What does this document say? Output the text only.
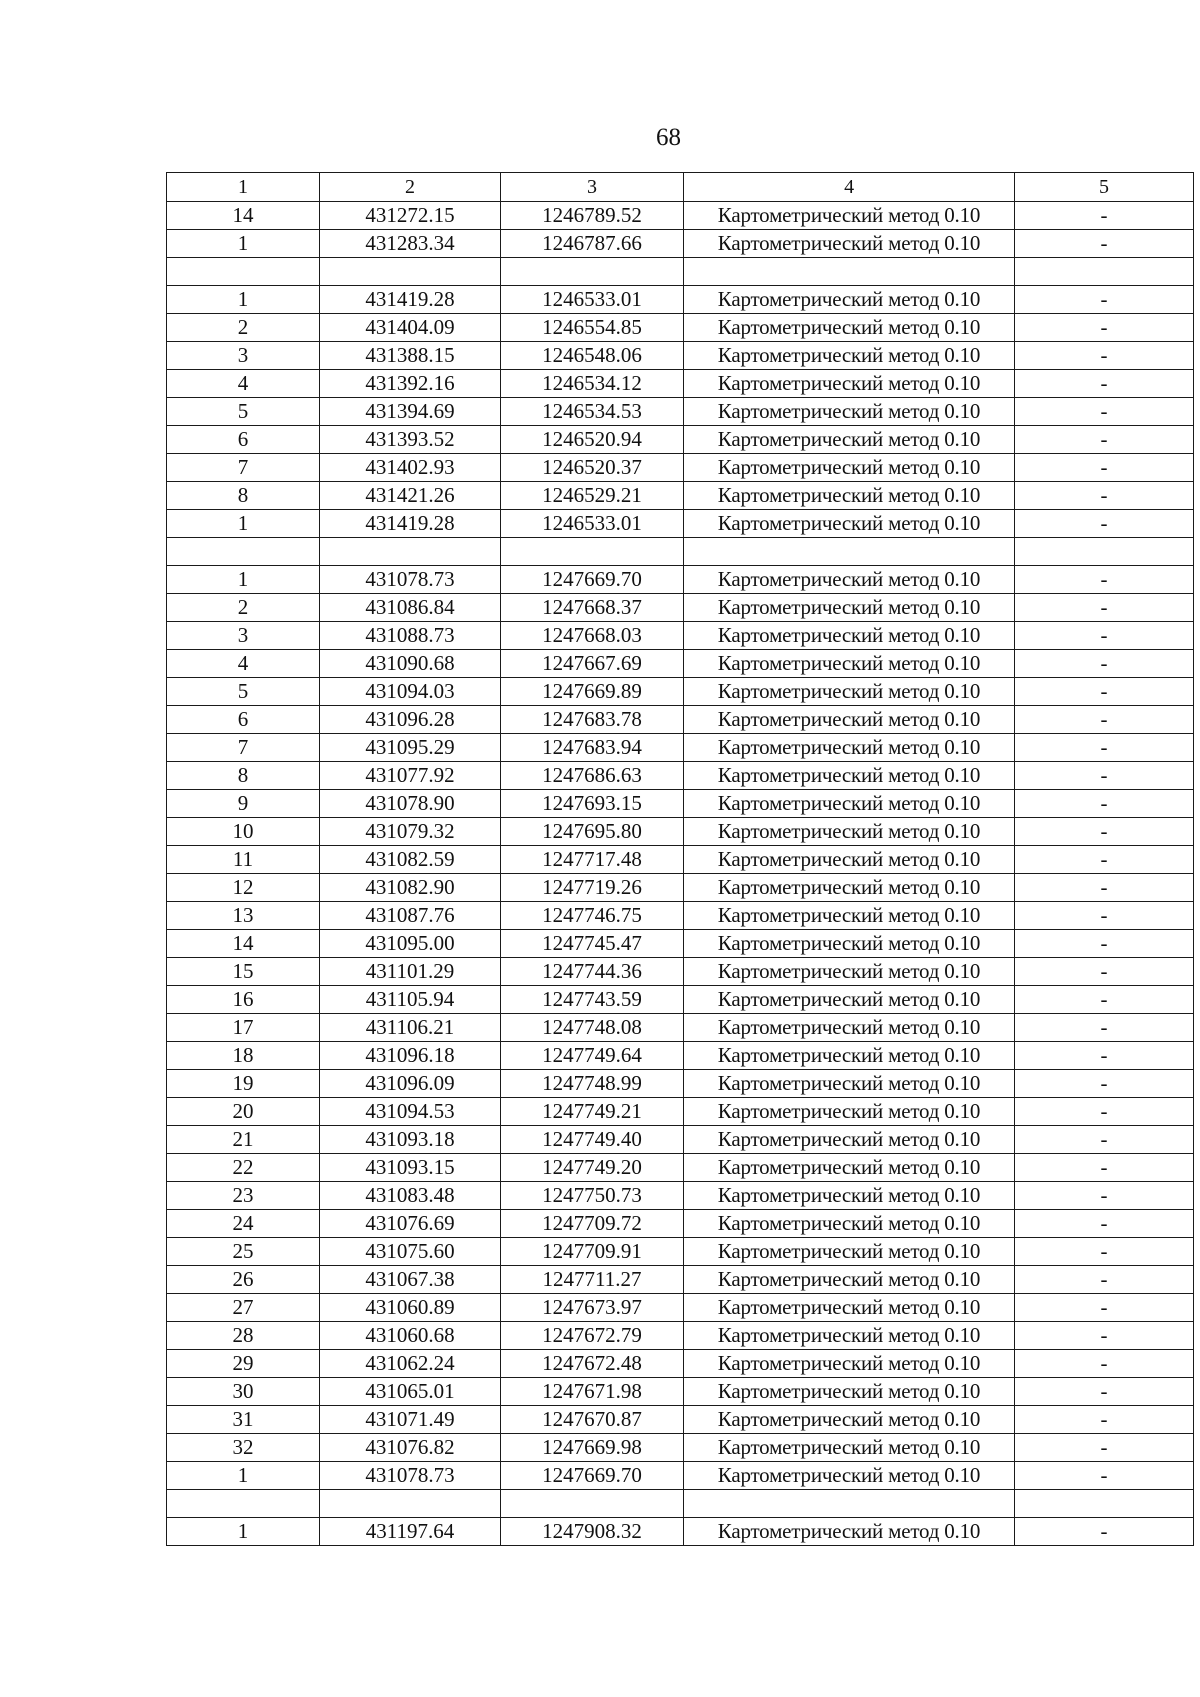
68
1	2	3	4	5
14	431272.15	1246789.52	Картометрический метод 0.10	-
1	431283.34	1246787.66	Картометрический метод 0.10	-

1	431419.28	1246533.01	Картометрический метод 0.10	-
2	431404.09	1246554.85	Картометрический метод 0.10	-
3	431388.15	1246548.06	Картометрический метод 0.10	-
4	431392.16	1246534.12	Картометрический метод 0.10	-
5	431394.69	1246534.53	Картометрический метод 0.10	-
6	431393.52	1246520.94	Картометрический метод 0.10	-
7	431402.93	1246520.37	Картометрический метод 0.10	-
8	431421.26	1246529.21	Картометрический метод 0.10	-
1	431419.28	1246533.01	Картометрический метод 0.10	-

1	431078.73	1247669.70	Картометрический метод 0.10	-
2	431086.84	1247668.37	Картометрический метод 0.10	-
3	431088.73	1247668.03	Картометрический метод 0.10	-
4	431090.68	1247667.69	Картометрический метод 0.10	-
5	431094.03	1247669.89	Картометрический метод 0.10	-
6	431096.28	1247683.78	Картометрический метод 0.10	-
7	431095.29	1247683.94	Картометрический метод 0.10	-
8	431077.92	1247686.63	Картометрический метод 0.10	-
9	431078.90	1247693.15	Картометрический метод 0.10	-
10	431079.32	1247695.80	Картометрический метод 0.10	-
11	431082.59	1247717.48	Картометрический метод 0.10	-
12	431082.90	1247719.26	Картометрический метод 0.10	-
13	431087.76	1247746.75	Картометрический метод 0.10	-
14	431095.00	1247745.47	Картометрический метод 0.10	-
15	431101.29	1247744.36	Картометрический метод 0.10	-
16	431105.94	1247743.59	Картометрический метод 0.10	-
17	431106.21	1247748.08	Картометрический метод 0.10	-
18	431096.18	1247749.64	Картометрический метод 0.10	-
19	431096.09	1247748.99	Картометрический метод 0.10	-
20	431094.53	1247749.21	Картометрический метод 0.10	-
21	431093.18	1247749.40	Картометрический метод 0.10	-
22	431093.15	1247749.20	Картометрический метод 0.10	-
23	431083.48	1247750.73	Картометрический метод 0.10	-
24	431076.69	1247709.72	Картометрический метод 0.10	-
25	431075.60	1247709.91	Картометрический метод 0.10	-
26	431067.38	1247711.27	Картометрический метод 0.10	-
27	431060.89	1247673.97	Картометрический метод 0.10	-
28	431060.68	1247672.79	Картометрический метод 0.10	-
29	431062.24	1247672.48	Картометрический метод 0.10	-
30	431065.01	1247671.98	Картометрический метод 0.10	-
31	431071.49	1247670.87	Картометрический метод 0.10	-
32	431076.82	1247669.98	Картометрический метод 0.10	-
1	431078.73	1247669.70	Картометрический метод 0.10	-

1	431197.64	1247908.32	Картометрический метод 0.10	-
